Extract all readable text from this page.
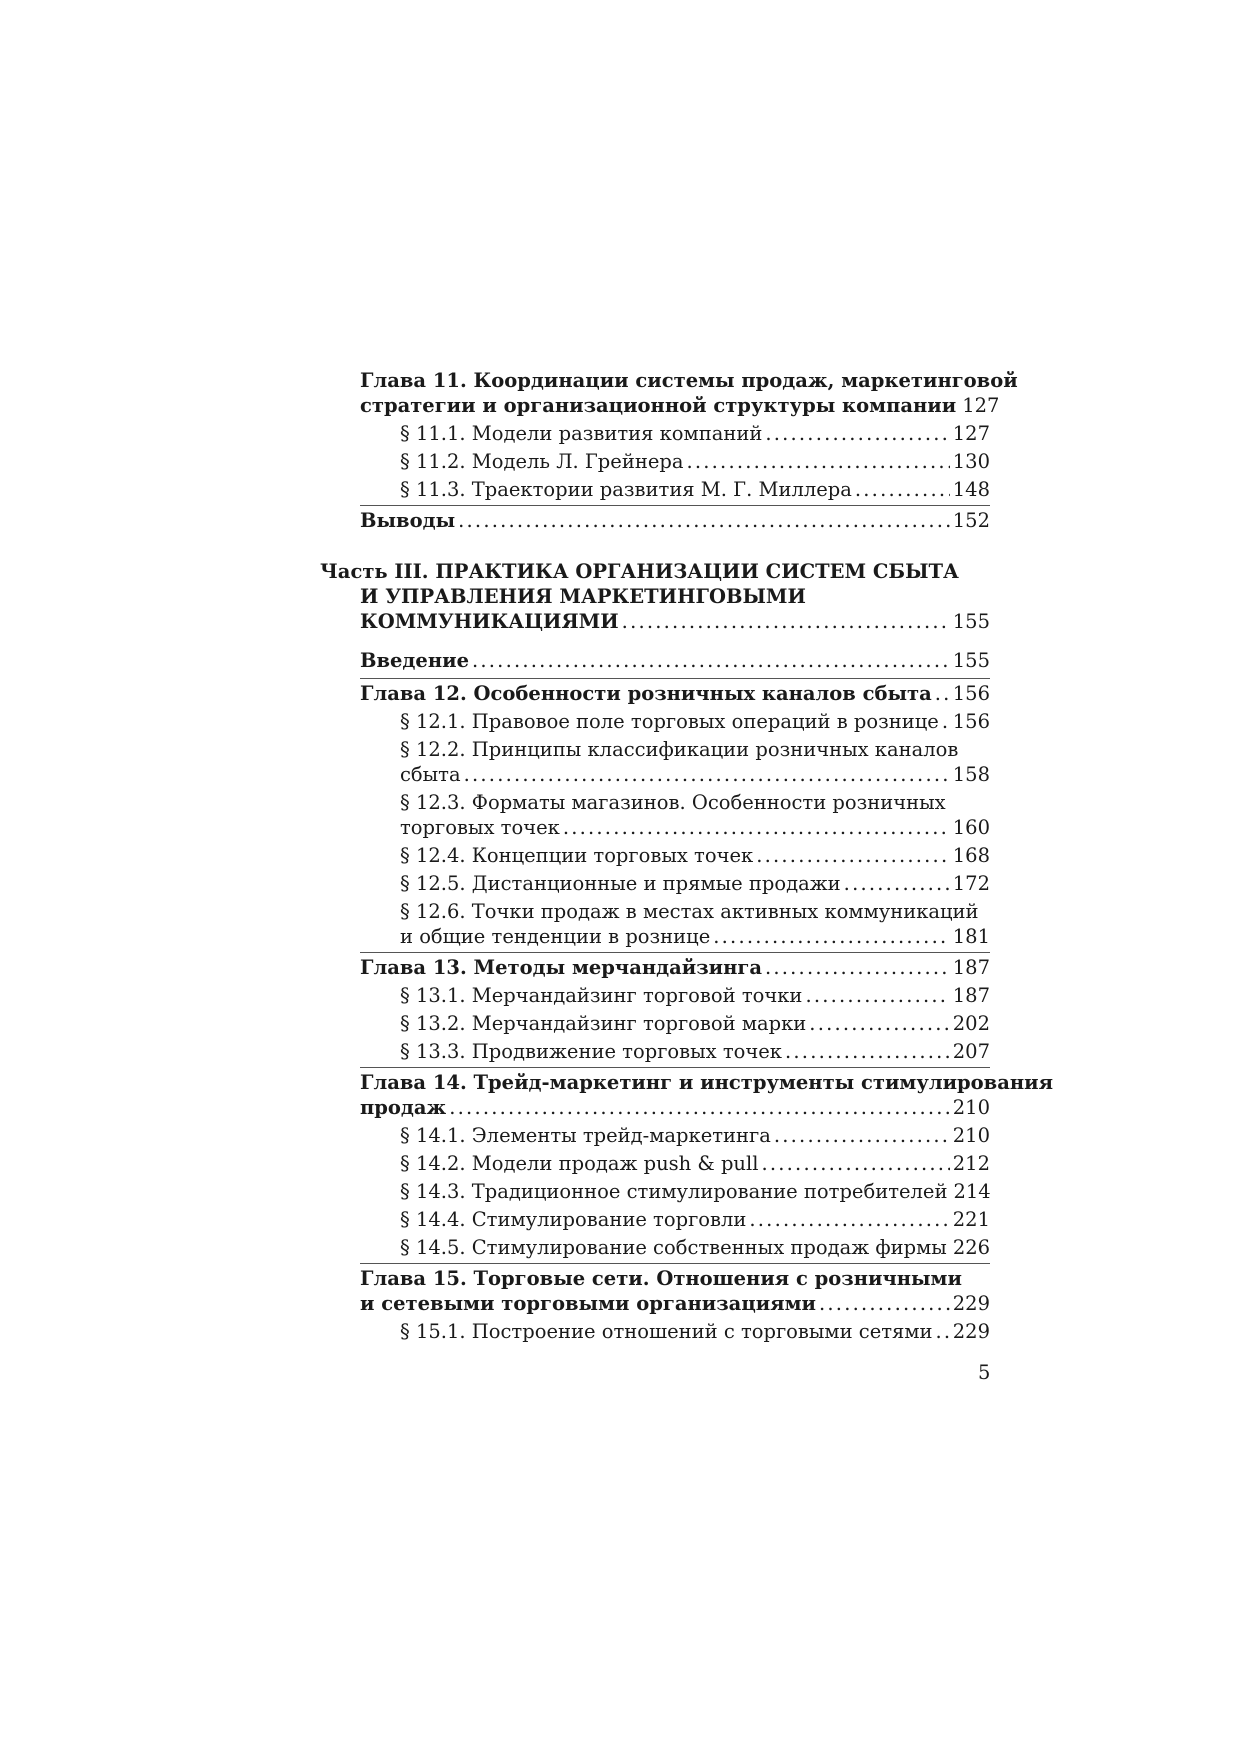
Глава 11. Координации системы продаж, маркетинговой
стратегии и организационной структуры компании 127
§ 11.1. Модели развития компаний . . .	127
§ 11.2. Модель Л. Грейнера . . .	130
§ 11.3. Траектории развития М. Г. Миллера . . .	148
Выводы . . .	152
Часть III. ПРАКТИКА ОРГАНИЗАЦИИ СИСТЕМ СБЫТА
И УПРАВЛЕНИЯ МАРКЕТИНГОВЫМИ
КОММУНИКАЦИЯМИ . . .	155
Введение . . .	155
Глава 12. Особенности розничных каналов сбыта . . . 156
§ 12.1. Правовое поле торговых операций в рознице . . . 156
§ 12.2. Принципы классификации розничных каналов
сбыта . . .	158
§ 12.3. Форматы магазинов. Особенности розничных
торговых точек . . .	160
§ 12.4. Концепции торговых точек . . .	168
§ 12.5. Дистанционные и прямые продажи . . .	172
§ 12.6. Точки продаж в местах активных коммуникаций
и общие тенденции в рознице . . .	181
Глава 13. Методы мерчандайзинга . . .	187
§ 13.1. Мерчандайзинг торговой точки . . .	187
§ 13.2. Мерчандайзинг торговой марки . . .	202
§ 13.3. Продвижение торговых точек . . .	207
Глава 14. Трейд-маркетинг и инструменты стимулирования
продаж . . .	210
§ 14.1. Элементы трейд-маркетинга . . .	210
§ 14.2. Модели продаж push & pull . . .	212
§ 14.3. Традиционное стимулирование потребителей 214
§ 14.4. Стимулирование торговли . . .	221
§ 14.5. Стимулирование собственных продаж фирмы 226
Глава 15. Торговые сети. Отношения с розничными
и сетевыми торговыми организациями . . .	229
§ 15.1. Построение отношений с торговыми сетями . . . 229
5
